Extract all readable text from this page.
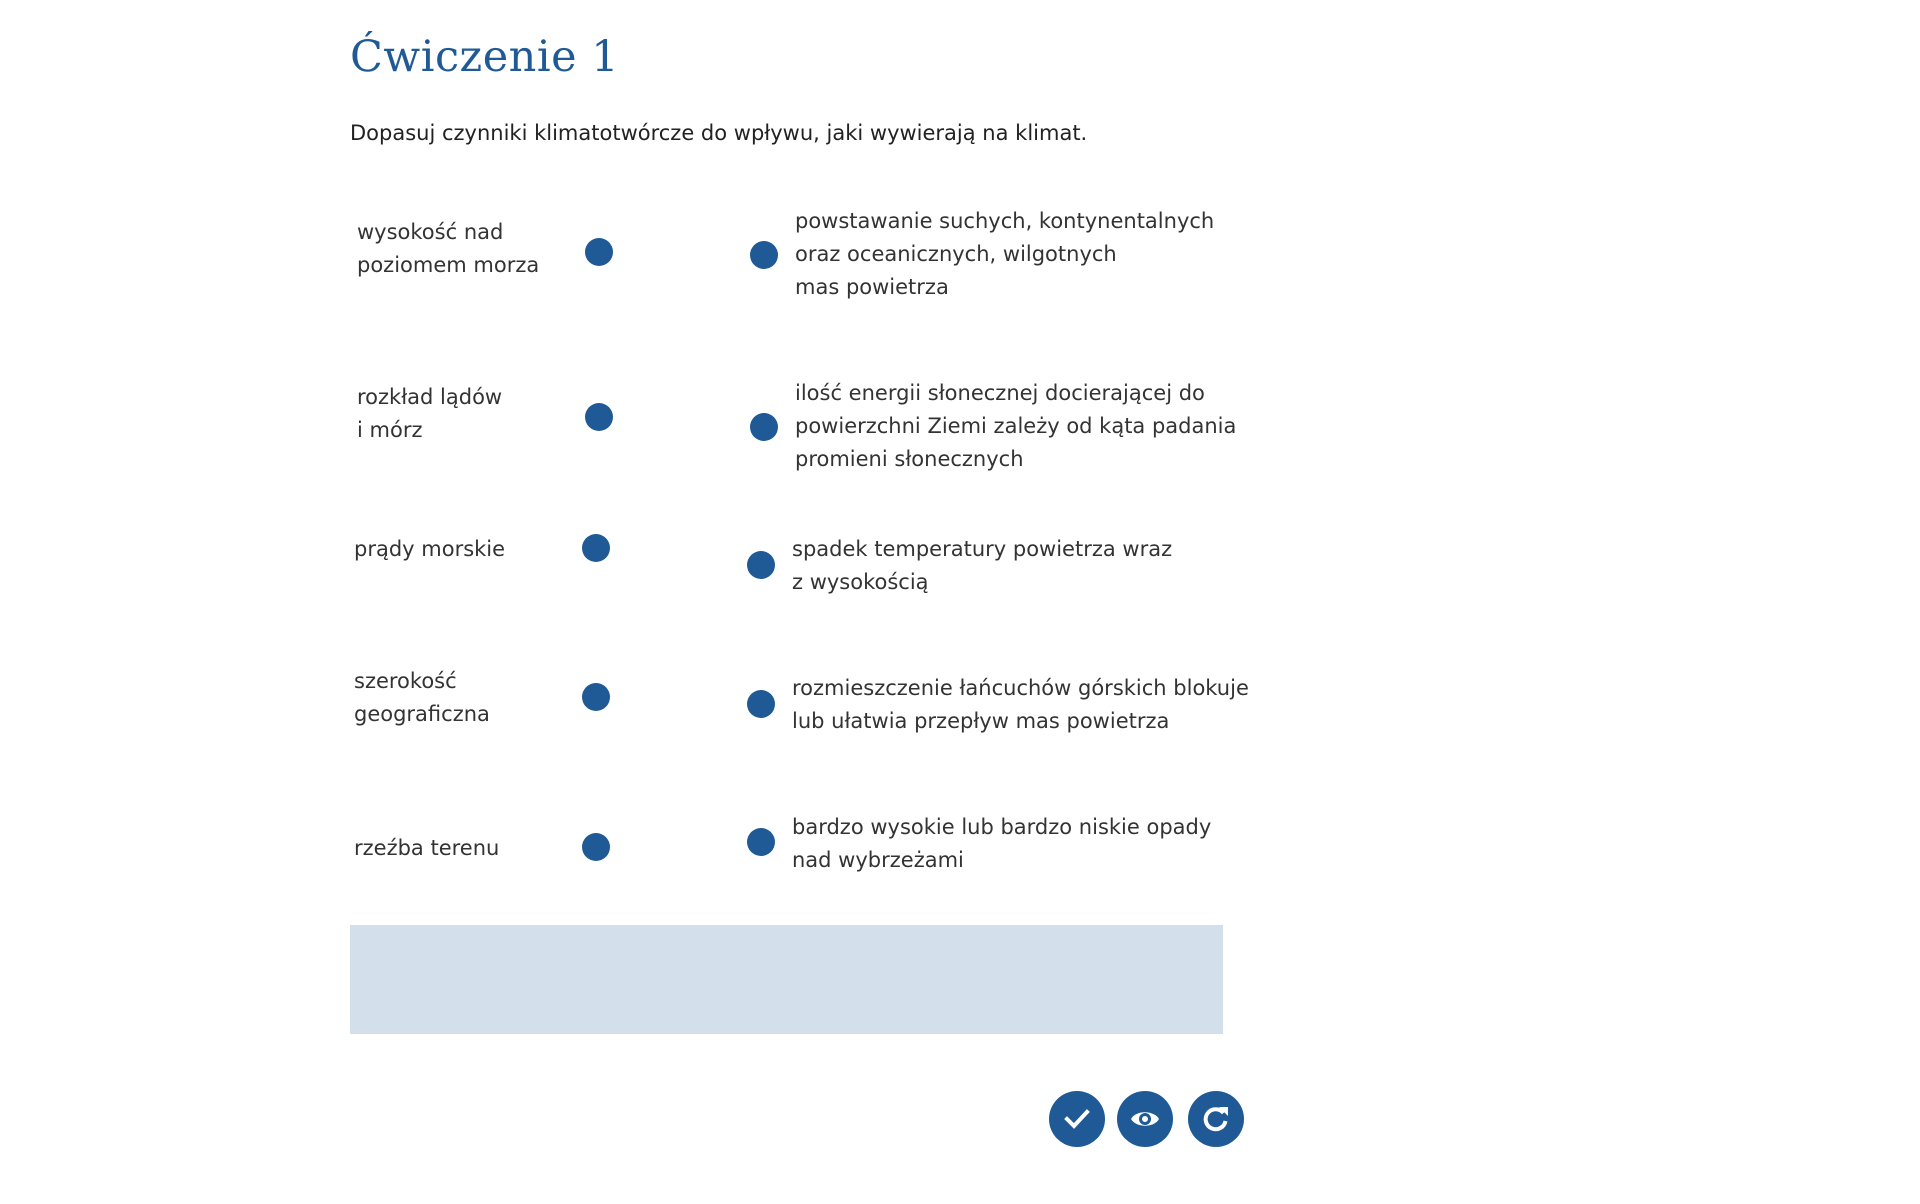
Ćwiczenie 1

Dopasuj czynniki klimatotwórcze do wpływu, jaki wywierają na klimat.

wysokość nad
poziomem morza
rozkład lądów
i mórz
prądy morskie
szerokość
geograficzna
rzeźba terenu
powstawanie suchych, kontynentalnych
oraz oceanicznych, wilgotnych
mas powietrza
ilość energii słonecznej docierającej do
powierzchni Ziemi zależy od kąta padania
promieni słonecznych
spadek temperatury powietrza wraz
z wysokością
rozmieszczenie łańcuchów górskich blokuje
lub ułatwia przepływ mas powietrza
bardzo wysokie lub bardzo niskie opady
nad wybrzeżami
